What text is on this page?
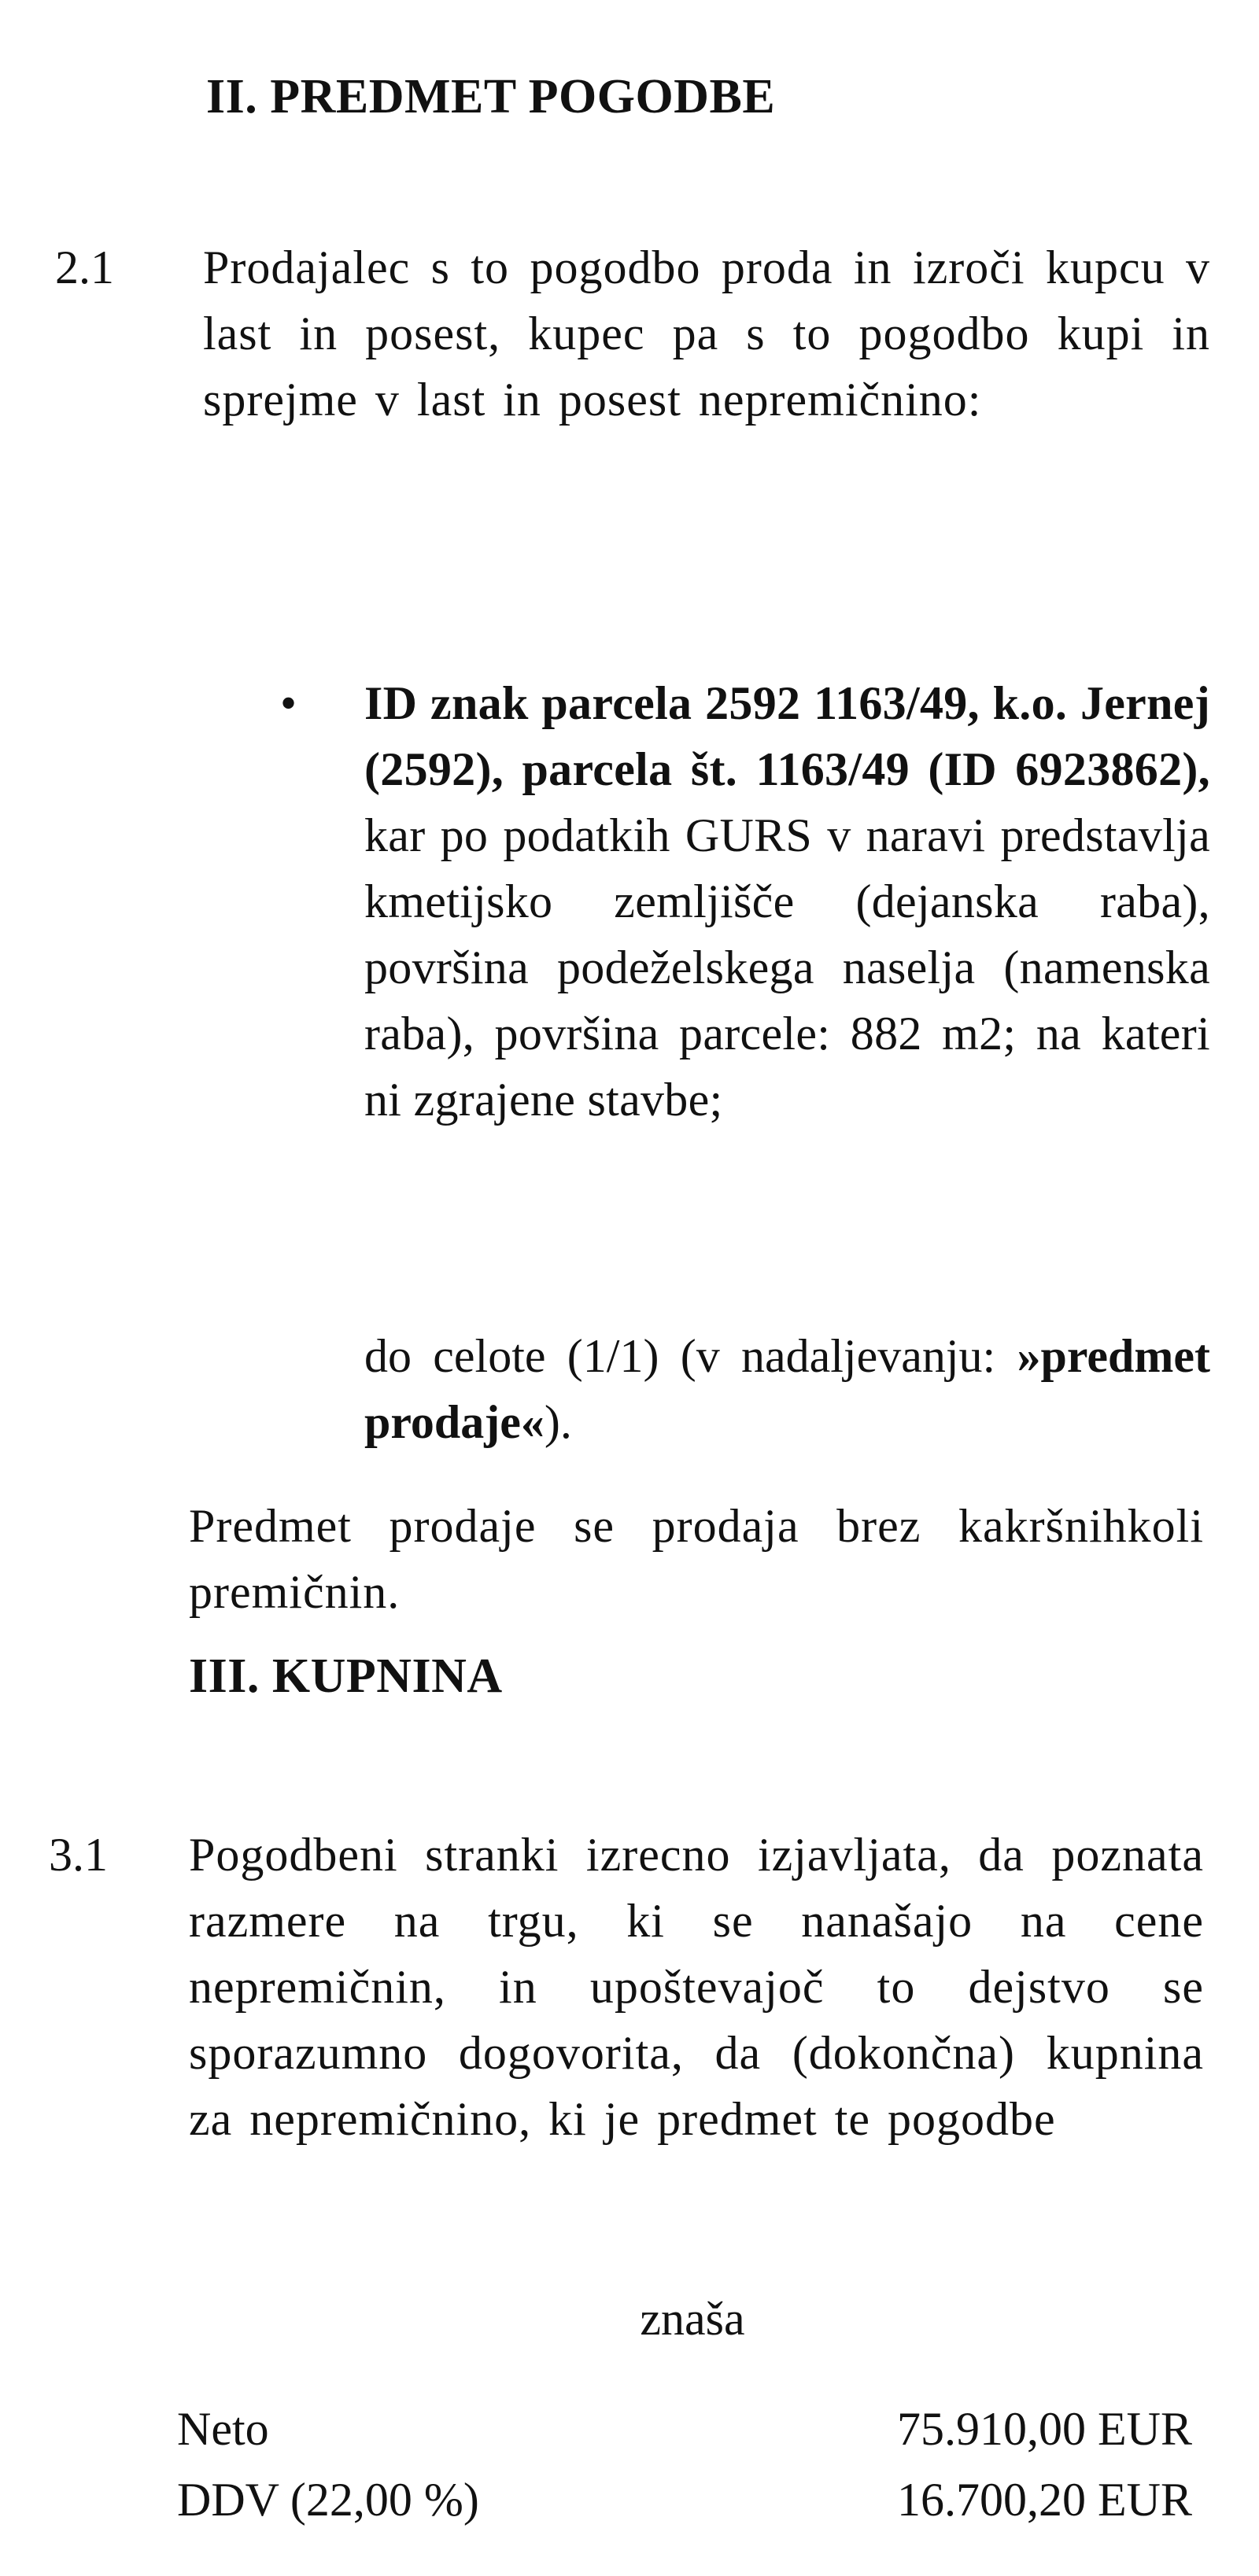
II. PREDMET POGODBE
2.1 Prodajalec s to pogodbo proda in izroči kupcu v last in posest, kupec pa s to pogodbo kupi in sprejme v last in posest nepremičnino:
• ID znak parcela 2592 1163/49, k.o. Jernej (2592), parcela št. 1163/49 (ID 6923862), kar po podatkih GURS v naravi predstavlja kmetijsko zemljišče (dejanska raba), površina podeželskega naselja (namenska raba), površina parcele: 882 m2; na kateri ni zgrajene stavbe;
do celote (1/1) (v nadaljevanju: »predmet prodaje«).
Predmet prodaje se prodaja brez kakršnihkoli premičnin.
III. KUPNINA
3.1 Pogodbeni stranki izrecno izjavljata, da poznata razmere na trgu, ki se nanašajo na cene nepremičnin, in upoštevajoč to dejstvo se sporazumno dogovorita, da (dokončna) kupnina za nepremičnino, ki je predmet te pogodbe
znaša
Neto	75.910,00 EUR
DDV (22,00 %)	16.700,20 EUR
